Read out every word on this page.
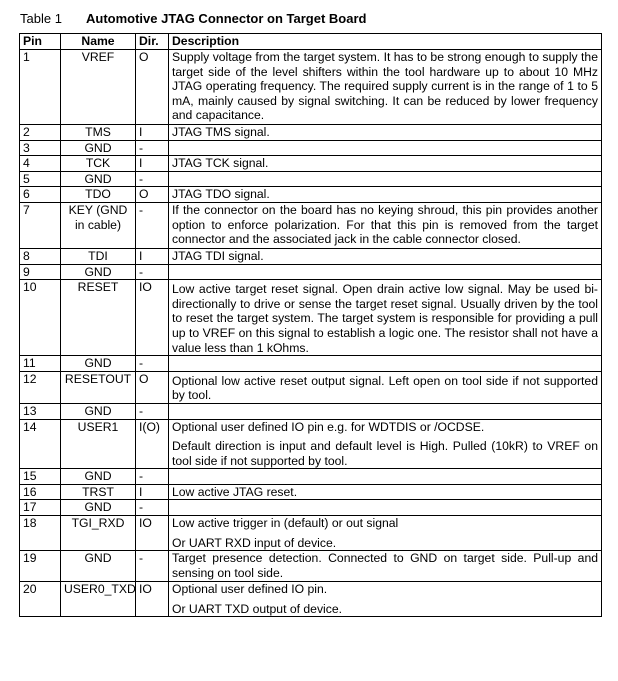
Table 1 Automotive JTAG Connector on Target Board
Pin	Name	Dir.	Description
1	VREF	O	Supply voltage from the target system. It has to be strong enough to supply the target side of the level shifters within the tool hardware up to about 10 MHz JTAG operating frequency. The required supply current is in the range of 1 to 5 mA, mainly caused by signal switching. It can be reduced by lower frequency and capacitance.

2	TMS	I	JTAG TMS signal.

3	GND	-	
4	TCK	I	JTAG TCK signal.

5	GND	-	
6	TDO	O	JTAG TDO signal.

7	KEY (GND in cable)	-	If the connector on the board has no keying shroud, this pin provides another option to enforce polarization. For that this pin is removed from the target connector and the associated jack in the cable connector closed.

8	TDI	I	JTAG TDI signal.

9	GND	-	
10	RESET	IO	Low active target reset signal. Open drain active low signal. May be used bi-directionally to drive or sense the target reset signal. Usually driven by the tool to reset the target system. The target system is responsible for providing a pull up to VREF on this signal to establish a logic one. The resistor shall not have a value less than 1 kOhms.

11	GND	-	
12	RESETOUT	O	Optional low active reset output signal. Left open on tool side if not supported by tool.

13	GND	-	
14	USER1	I(O)	Optional user defined IO pin e.g. for WDTDIS or /OCDSE.
Default direction is input and default level is High. Pulled (10kR) to VREF on tool side if not supported by tool.

15	GND	-	
16	TRST	I	Low active JTAG reset.

17	GND	-	
18	TGI_RXD	IO	Low active trigger in (default) or out signal
Or UART RXD input of device.

19	GND	-	Target presence detection. Connected to GND on target side. Pull-up and sensing on tool side.

20	USER0_TXD	IO	Optional user defined IO pin.
Or UART TXD output of device.
